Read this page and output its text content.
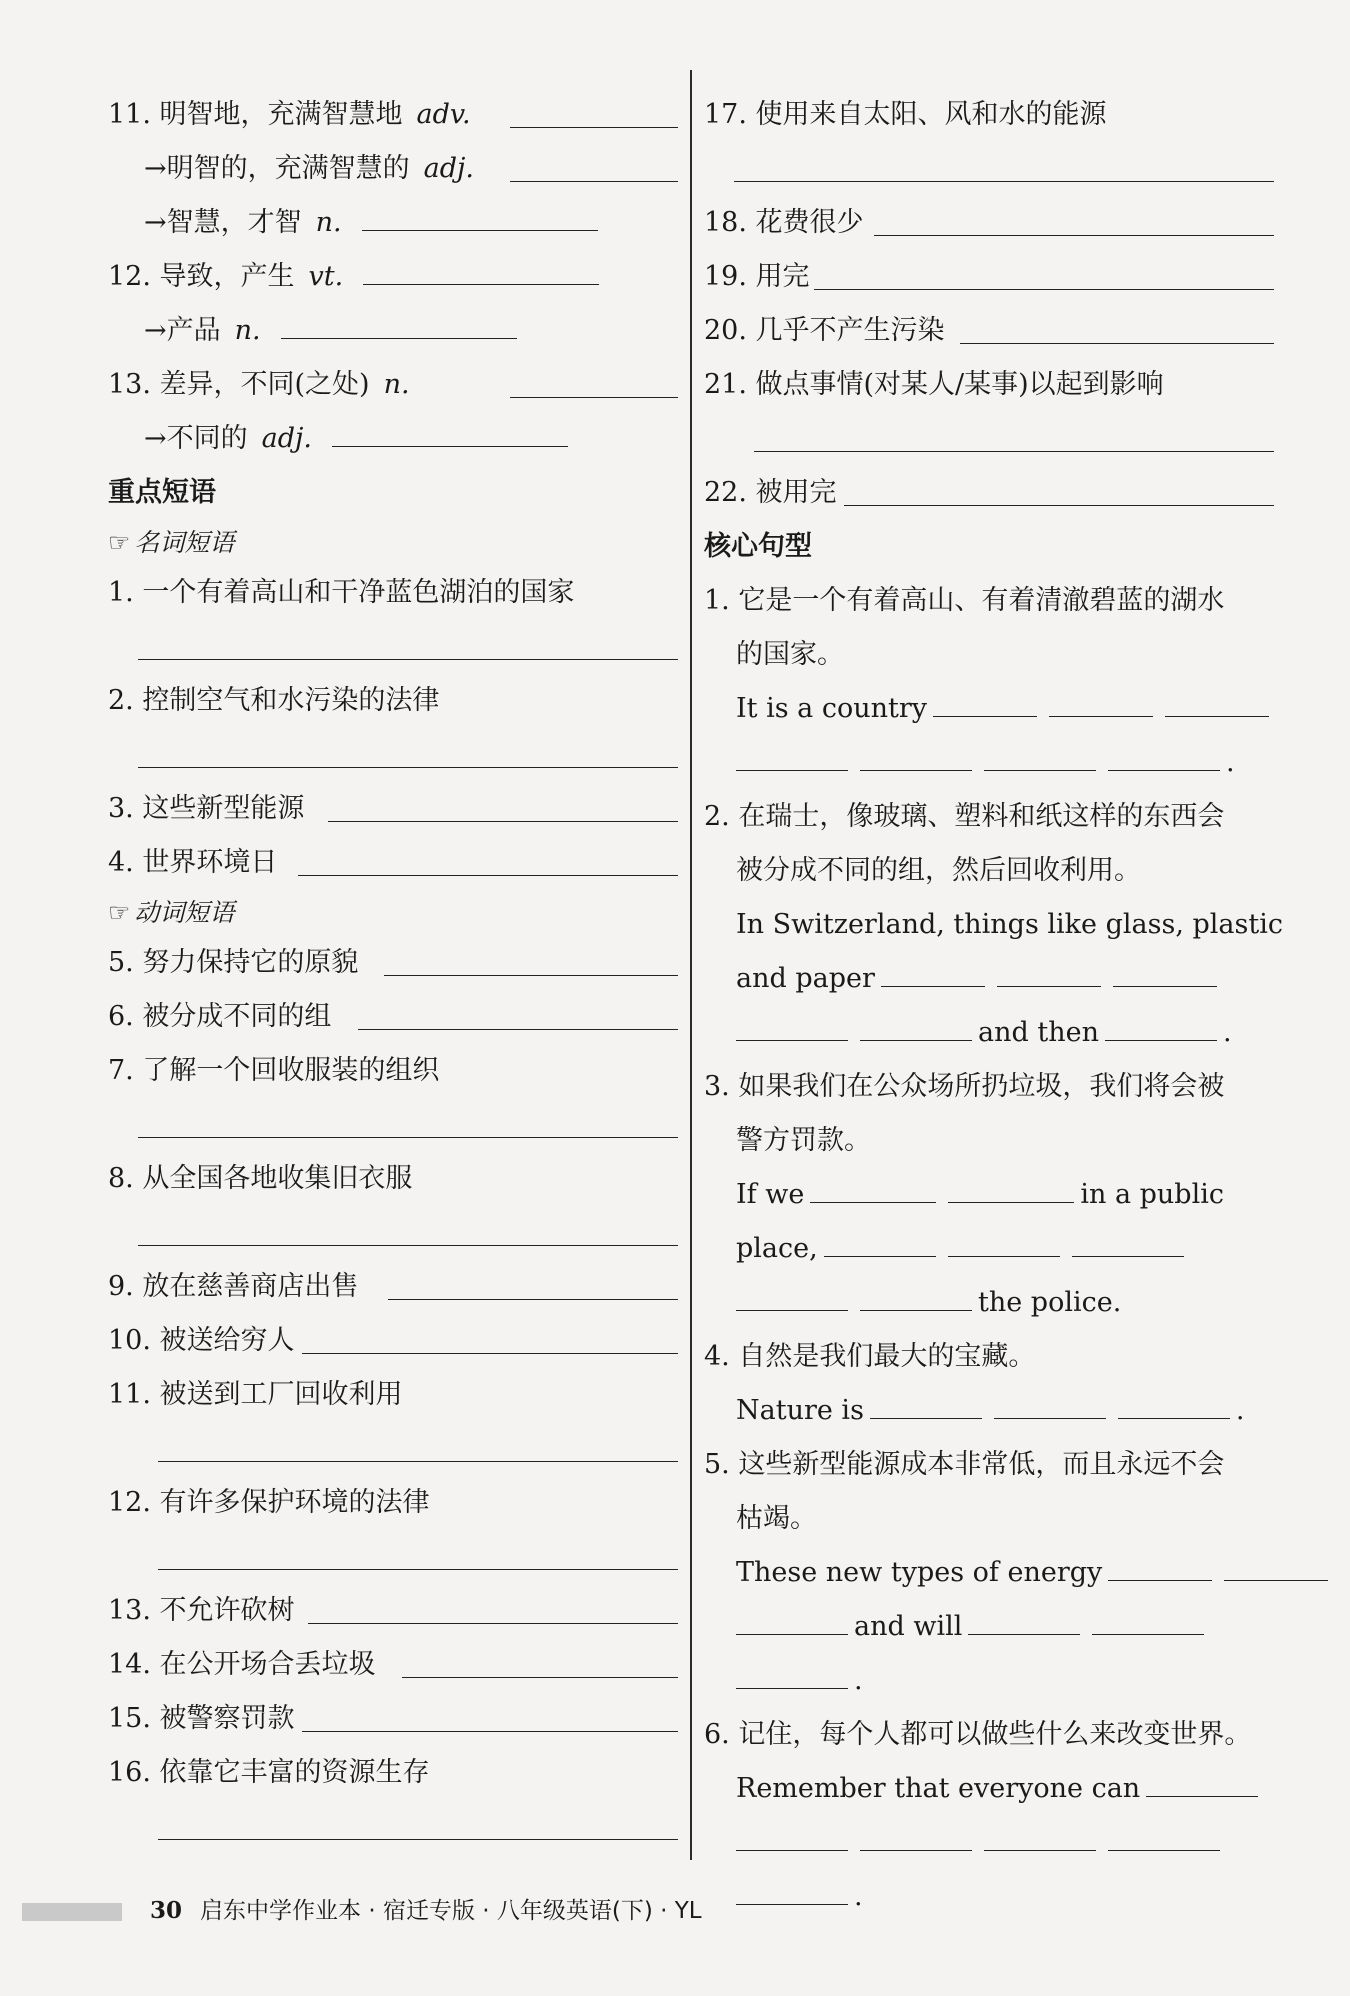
11. 明智地，充满智慧地 adv.
→明智的，充满智慧的 adj.
→智慧，才智 n.
12. 导致，产生 vt.
→产品 n.
13. 差异，不同(之处) n.
→不同的 adj.
重点短语
☞ 名词短语
1. 一个有着高山和干净蓝色湖泊的国家
2. 控制空气和水污染的法律
3. 这些新型能源
4. 世界环境日
☞ 动词短语
5. 努力保持它的原貌
6. 被分成不同的组
7. 了解一个回收服装的组织
8. 从全国各地收集旧衣服
9. 放在慈善商店出售
10. 被送给穷人
11. 被送到工厂回收利用
12. 有许多保护环境的法律
13. 不允许砍树
14. 在公开场合丢垃圾
15. 被警察罚款
16. 依靠它丰富的资源生存
17. 使用来自太阳、风和水的能源
18. 花费很少
19. 用完
20. 几乎不产生污染
21. 做点事情(对某人/某事)以起到影响
22. 被用完
核心句型
1. 它是一个有着高山、有着清澈碧蓝的湖水
的国家。
It is a country
.
2. 在瑞士，像玻璃、塑料和纸这样的东西会
被分成不同的组，然后回收利用。
In Switzerland, things like glass, plastic
and paper
and then	.
3. 如果我们在公众场所扔垃圾，我们将会被
警方罚款。
If we	in a public
place,
the police.
4. 自然是我们最大的宝藏。
Nature is	.
5. 这些新型能源成本非常低，而且永远不会
枯竭。
These new types of energy
and will
.
6. 记住，每个人都可以做些什么来改变世界。
Remember that everyone can
.
30 启东中学作业本 · 宿迁专版 · 八年级英语(下) · YL
